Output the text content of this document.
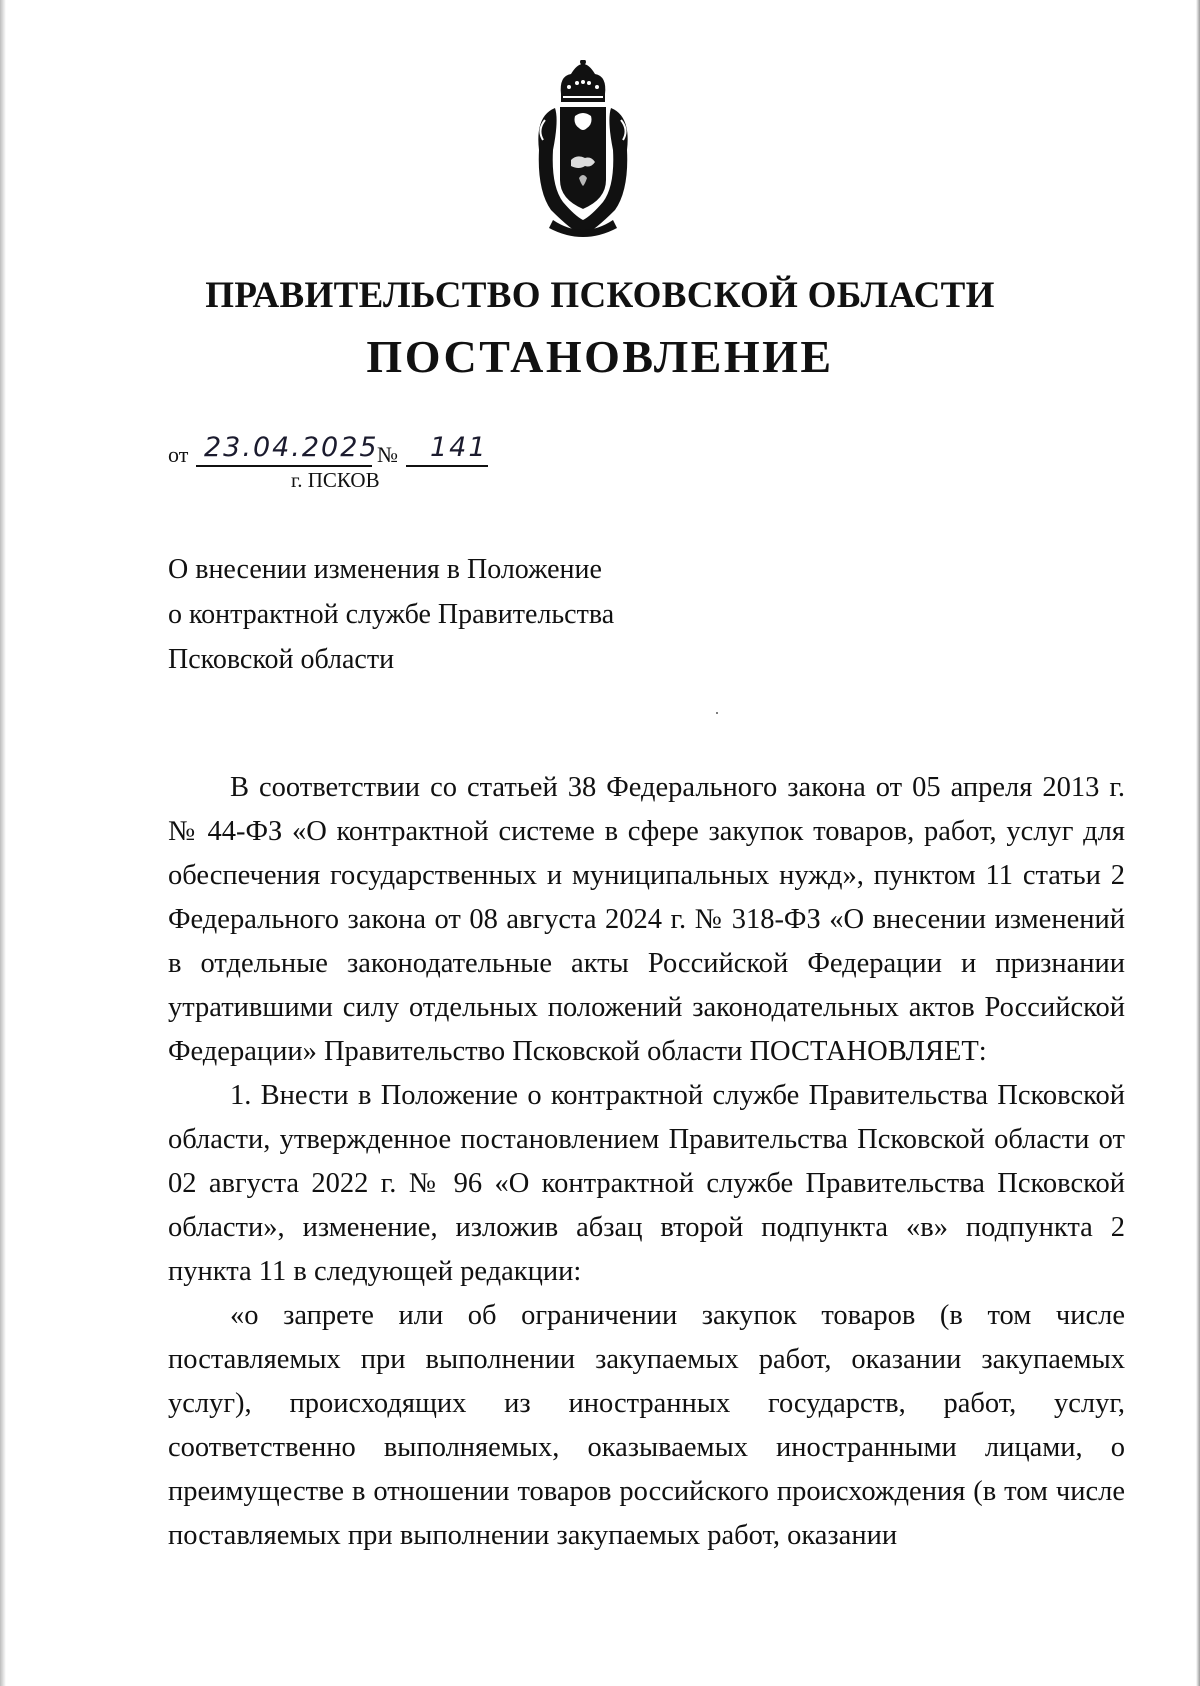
ПРАВИТЕЛЬСТВО ПСКОВСКОЙ ОБЛАСТИ
ПОСТАНОВЛЕНИЕ
от 23.04.2025
№ 141
г. ПСКОВ
О внесении изменения в Положение
о контрактной службе Правительства
Псковской области

В соответствии со статьей 38 Федерального закона от 05 апреля 2013 г. № 44-ФЗ «О контрактной системе в сфере закупок товаров, работ, услуг для обеспечения государственных и муниципальных нужд», пунктом 11 статьи 2 Федерального закона от 08 августа 2024 г. № 318-ФЗ «О внесении изменений в отдельные законодательные акты Российской Федерации и признании утратившими силу отдельных положений законодательных актов Российской Федерации» Правительство Псковской области ПОСТАНОВЛЯЕТ:

1. Внести в Положение о контрактной службе Правительства Псковской области, утвержденное постановлением Правительства Псковской области от 02 августа 2022 г. № 96 «О контрактной службе Правительства Псковской области», изменение, изложив абзац второй подпункта «в» подпункта 2 пункта 11 в следующей редакции:

«о запрете или об ограничении закупок товаров (в том числе поставляемых при выполнении закупаемых работ, оказании закупаемых услуг), происходящих из иностранных государств, работ, услуг, соответственно выполняемых, оказываемых иностранными лицами, о преимуществе в отношении товаров российского происхождения (в том числе поставляемых при выполнении закупаемых работ, оказании
